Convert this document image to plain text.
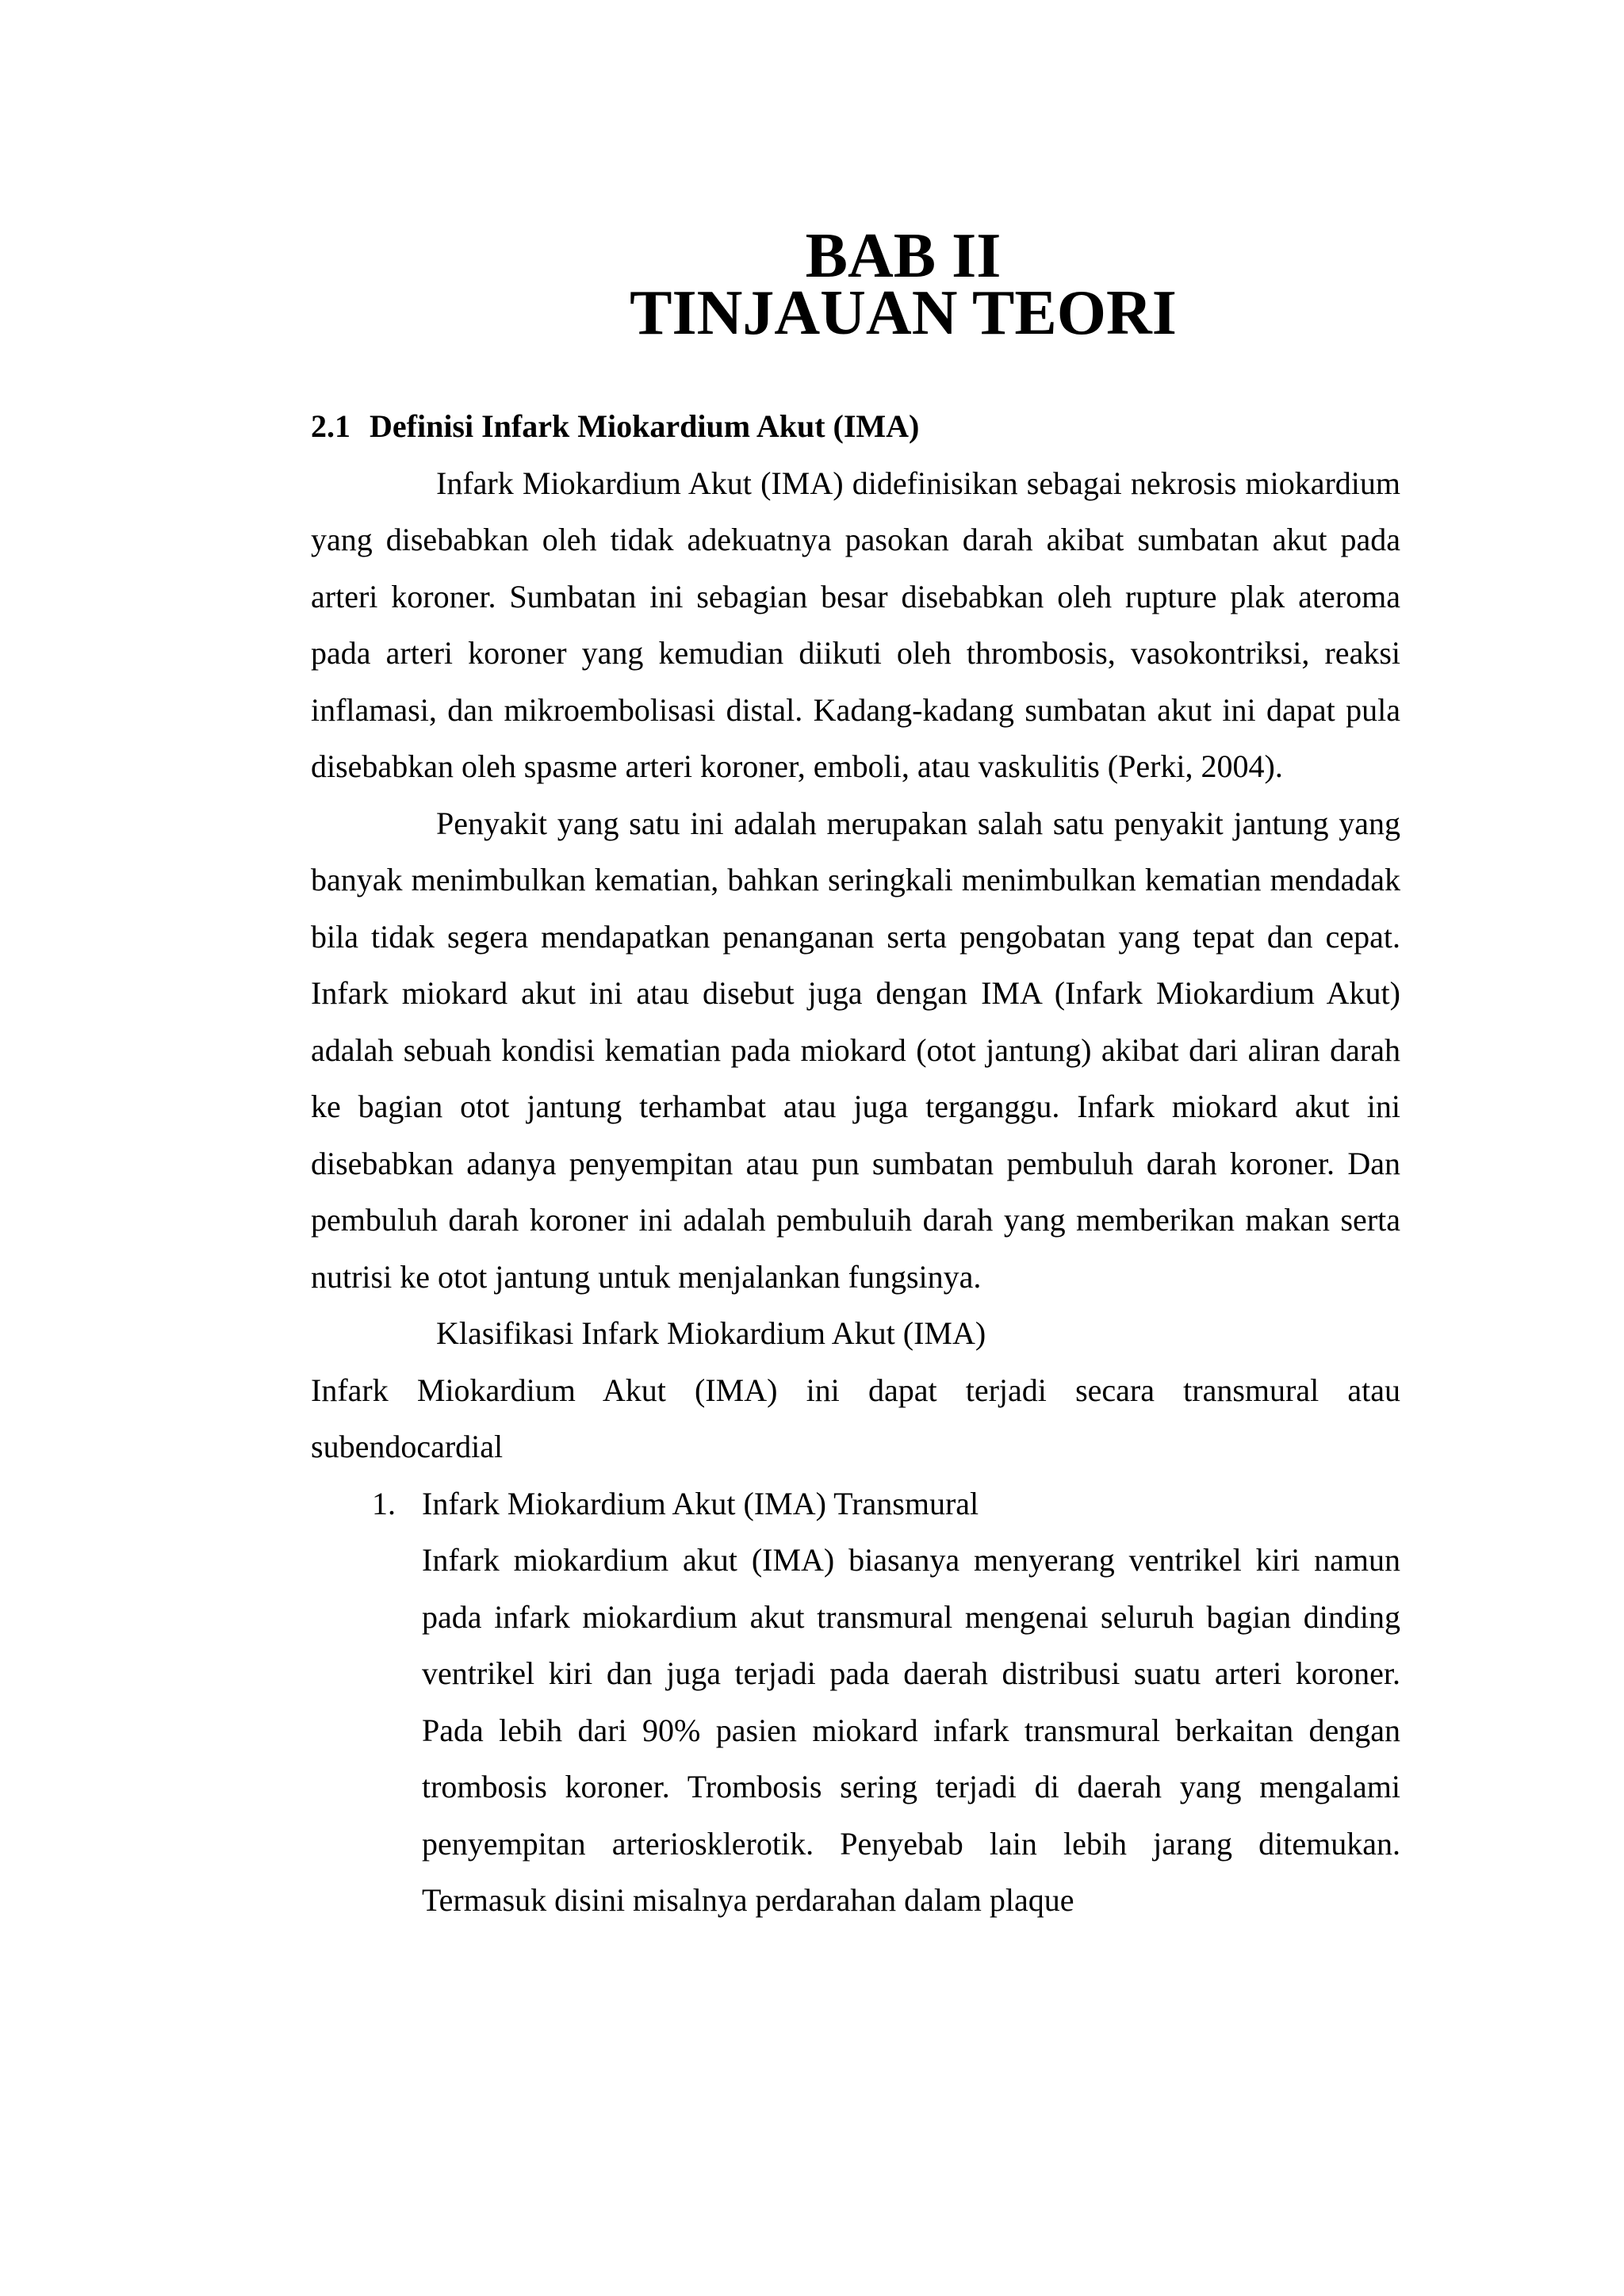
BAB II
TINJAUAN TEORI
2.1 Definisi Infark Miokardium Akut (IMA)

Infark Miokardium Akut (IMA) didefinisikan sebagai nekrosis miokardium yang disebabkan oleh tidak adekuatnya pasokan darah akibat sumbatan akut pada arteri koroner. Sumbatan ini sebagian besar disebabkan oleh rupture plak ateroma pada arteri koroner yang kemudian diikuti oleh thrombosis, vasokontriksi, reaksi inflamasi, dan mikroembolisasi distal. Kadang-kadang sumbatan akut ini dapat pula disebabkan oleh spasme arteri koroner, emboli, atau vaskulitis (Perki, 2004).

Penyakit yang satu ini adalah merupakan salah satu penyakit jantung yang banyak menimbulkan kematian, bahkan seringkali menimbulkan kematian mendadak bila tidak segera mendapatkan penanganan serta pengobatan yang tepat dan cepat. Infark miokard akut ini atau disebut juga dengan IMA (Infark Miokardium Akut) adalah sebuah kondisi kematian pada miokard (otot jantung) akibat dari aliran darah ke bagian otot jantung terhambat atau juga terganggu. Infark miokard akut ini disebabkan adanya penyempitan atau pun sumbatan pembuluh darah koroner. Dan pembuluh darah koroner ini adalah pembuluih darah yang memberikan makan serta nutrisi ke otot jantung untuk menjalankan fungsinya.

Klasifikasi Infark Miokardium Akut (IMA)

Infark Miokardium Akut (IMA) ini dapat terjadi secara transmural atau subendocardial

1. Infark Miokardium Akut (IMA) Transmural
Infark miokardium akut (IMA) biasanya menyerang ventrikel kiri namun pada infark miokardium akut transmural mengenai seluruh bagian dinding ventrikel kiri dan juga terjadi pada daerah distribusi suatu arteri koroner. Pada lebih dari 90% pasien miokard infark transmural berkaitan dengan trombosis koroner. Trombosis sering terjadi di daerah yang mengalami penyempitan arteriosklerotik. Penyebab lain lebih jarang ditemukan. Termasuk disini misalnya perdarahan dalam plaque
